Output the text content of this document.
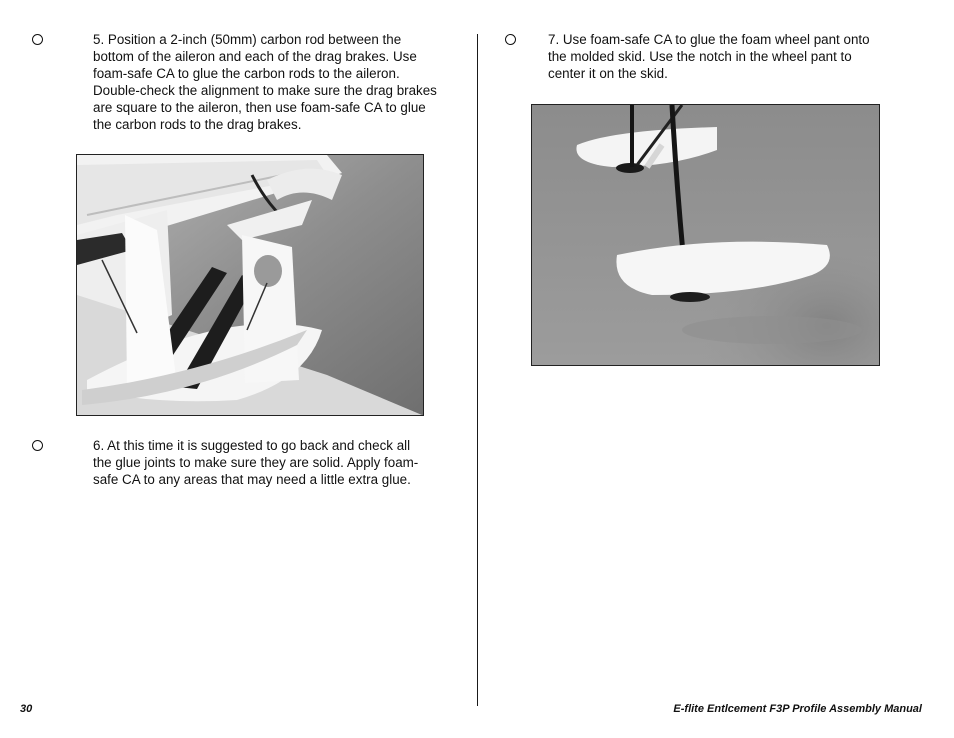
5. Position a 2-inch (50mm) carbon rod between the
bottom of the aileron and each of the drag brakes. Use
foam-safe CA to glue the carbon rods to the aileron.
Double-check the alignment to make sure the drag brakes
are square to the aileron, then use foam-safe CA to glue
the carbon rods to the drag brakes.
6. At this time it is suggested to go back and check all
the glue joints to make sure they are solid. Apply foam-
safe CA to any areas that may need a little extra glue.
7. Use foam-safe CA to glue the foam wheel pant onto
the molded skid. Use the notch in the wheel pant to
center it on the skid.
30	E-flite Entlcement F3P Profile Assembly Manual
